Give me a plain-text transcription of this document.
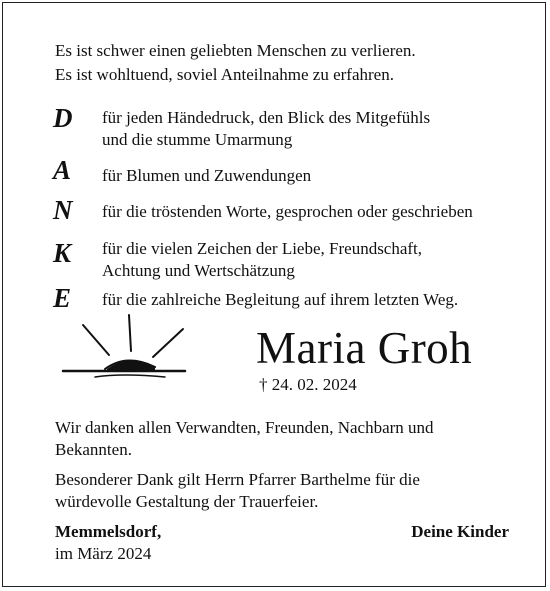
Es ist schwer einen geliebten Menschen zu verlieren.
Es ist wohltuend, soviel Anteilnahme zu erfahren.
D	für jeden Händedruck, den Blick des Mitgefühls
und die stumme Umarmung
A	für Blumen und Zuwendungen
N	für die tröstenden Worte, gesprochen oder geschrieben
K	für die vielen Zeichen der Liebe, Freundschaft,
Achtung und Wertschätzung
E	für die zahlreiche Begleitung auf ihrem letzten Weg.
Maria Groh
† 24. 02. 2024
Wir danken allen Verwandten, Freunden, Nachbarn und
Bekannten.
Besonderer Dank gilt Herrn Pfarrer Barthelme für die
würdevolle Gestaltung der Trauerfeier.
Memmelsdorf,
im März 2024
Deine Kinder
